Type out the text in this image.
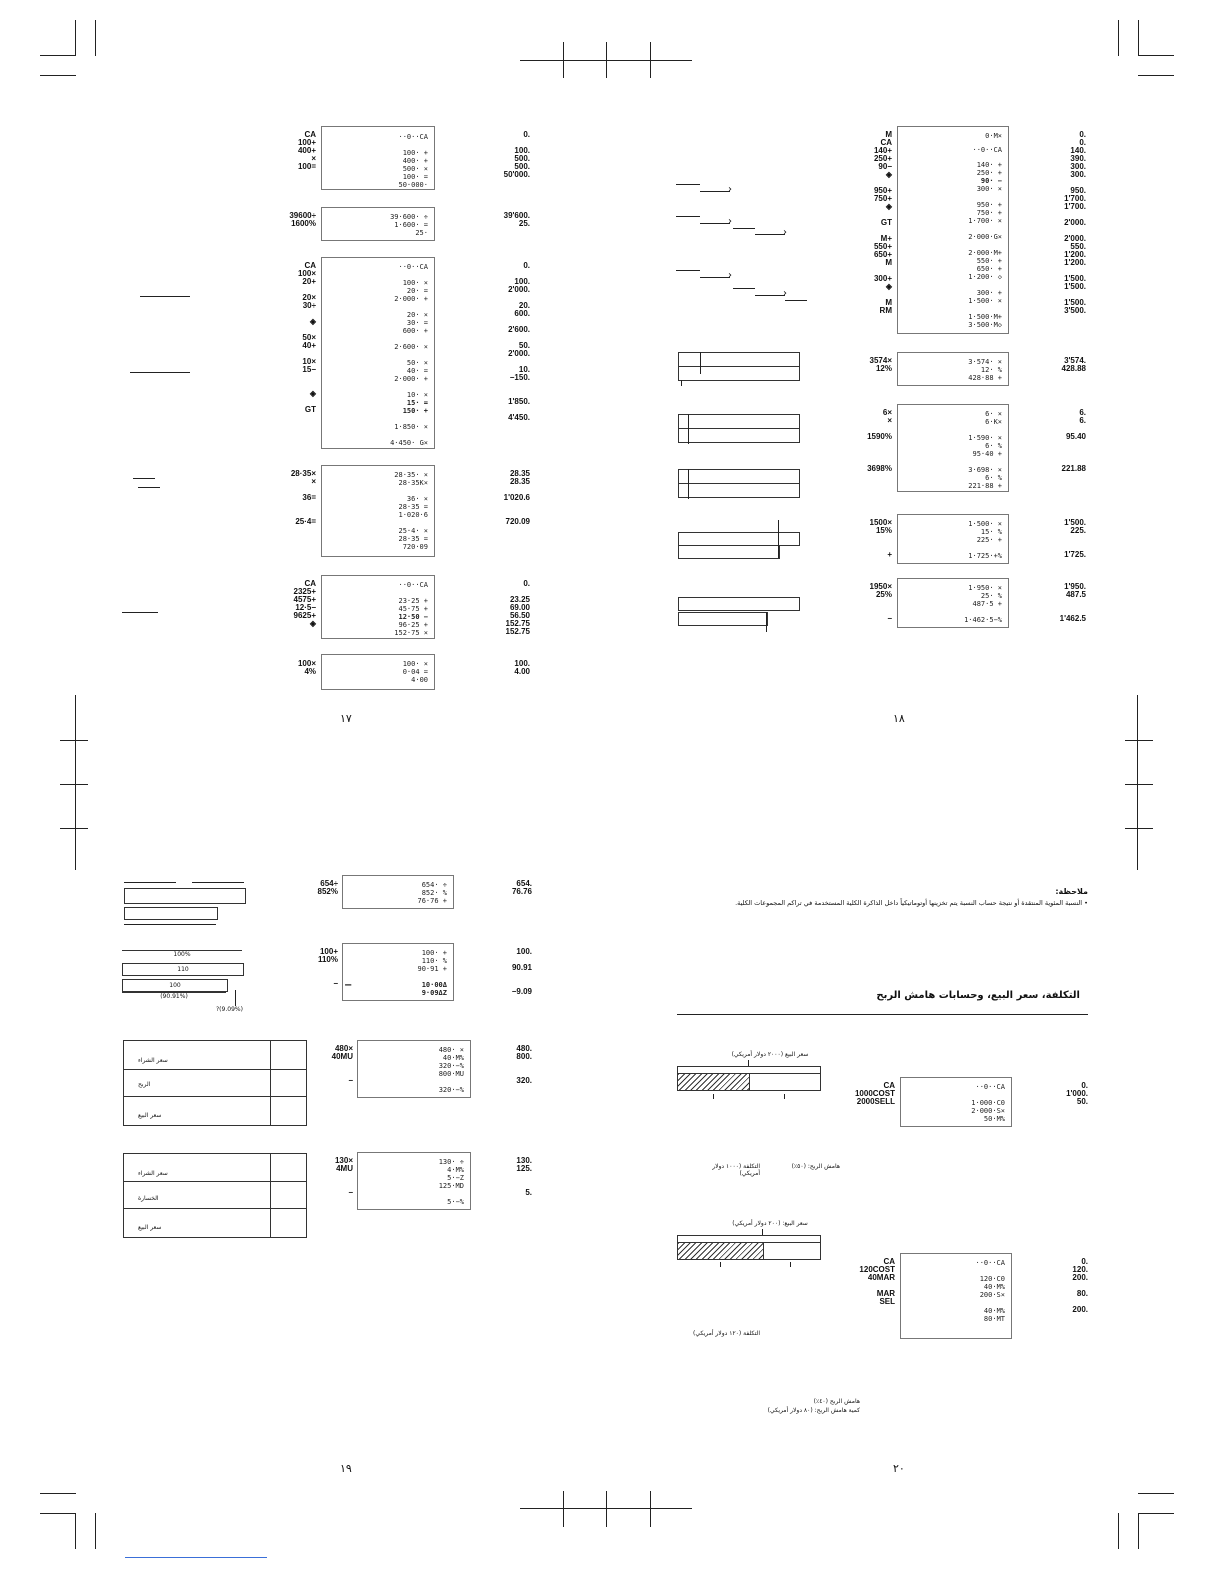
CA
100+
400+
×
100=
··0··CA
100· +
400· +
500· ×
100· =
50·000·
0.

100.
500.
500.
50'000.
39600÷
1600%
39·600· ÷
1·600· =
25·
39'600.
25.
CA
100×
20+

20×
30÷

◈

50×
40+

10×
15−

◈

GT
··0··CA
100· ×
20· =
2·000· +
20· ×
30· =
600· +
2·600· ×
50· ×
40· =
2·000· +
10· ×
15· =
150· +
1·850· ×
4·450· G×
0.

100.
2'000.

20.
600.

2'600.

50.
2'000.

10.
−150.

1'850.

4'450.
28·35×
×

36=

25·4=
28·35· ×
28·35K×
36· ×
28·35 =
1·020·6
25·4· ×
28·35 =
720·09
28.35
28.35

1'020.6

720.09
CA
2325+
4575+
12·5−
9625+
◈
··0··CA
23·25 +
45·75 +
12·50 −
96·25 +
152·75 ×
0.

23.25
69.00
56.50
152.75
152.75
100×
4%
100· ×
0·04 =
4·00
100.
4.00
١٧
›
›
›
›
›
M
CA
140+
250+
90−
◈

950+
750+
◈

GT

M+
550+
650+
M

300+
◈

M
RM
0·M×
··0··CA
140· +
250· +
90· −
300· ×
950· +
750· +
1·700· ×
2·000·G×
2·000·M+
550· +
650· +
1·200· ◇
300· +
1·500· ×
1·500·M+
3·500·M◇
0.
0.
140.
390.
300.
300.

950.
1'700.
1'700.

2'000.

2'000.
550.
1'200.
1'200.

1'500.
1'500.

1'500.
3'500.
3574×
12%
3·574· ×
12· %
428·88 +
3'574.
428.88
6×
×

1590%

3698%
6· ×
6·K×
1·590· ×
6· %
95·40 +
3·698· ×
6· %
221·88 +
6.
6.

95.40

221.88
1500×
15%

+
1·500· ×
15· %
225· +
1·725·+%
1'500.
225.

1'725.
1950×
25%

−
1·950· ×
25· %
487·5 +
1·462·5−%
1'950.
487.5

1'462.5
١٨
654÷
852%
654· ÷
852· %
76·76 +
654.
76.76
100%
110
100
(90.91%)
?(9.09%)
100+
110%

−
100· +
110· %
90·91 +
10·00Δ
9·09ΔZ
100.

90.91

−9.09
−
سعر الشراء
الربح
سعر البيع
480×
40MU

−
480· ×
40·M%
320·−%
800·MU
320·−%
480.
800.

320.
سعر الشراء
الخسارة
سعر البيع
130×
4MU

−
130· ÷
4·M%
5·−Z
125·MD
5·−%
130.
125.

5.
١٩
ملاحظة:
• النسبة المئوية المنتقدة أو نتيجة حساب النسبة يتم تخزينها أوتوماتيكياً داخل الذاكرة الكلية المستخدمة في تراكم المجموعات الكلية.
التكلفة، سعر البيع، وحسابات هامش الربح
سعر البيع (٢٠٠٠ دولار أمريكي)
التكلفة (١٠٠٠ دولار أمريكي)
هامش الربح: (٥٠٪)
CA
1000COST
2000SELL
··0··CA
1·000·C0
2·000·S×
50·M%
0.
1'000.
50.
سعر البيع: (٢٠٠ دولار أمريكي)
التكلفة (١٢٠ دولار أمريكي)
هامش الربح (٤٠٪)
كمية هامش الربح: (٨٠ دولار أمريكي)
CA
120COST
40MAR

MAR
SEL
··0··CA
120·C0
40·M%
200·S×
40·M%
80·MT
0.
120.
200.

80.

200.
٢٠
